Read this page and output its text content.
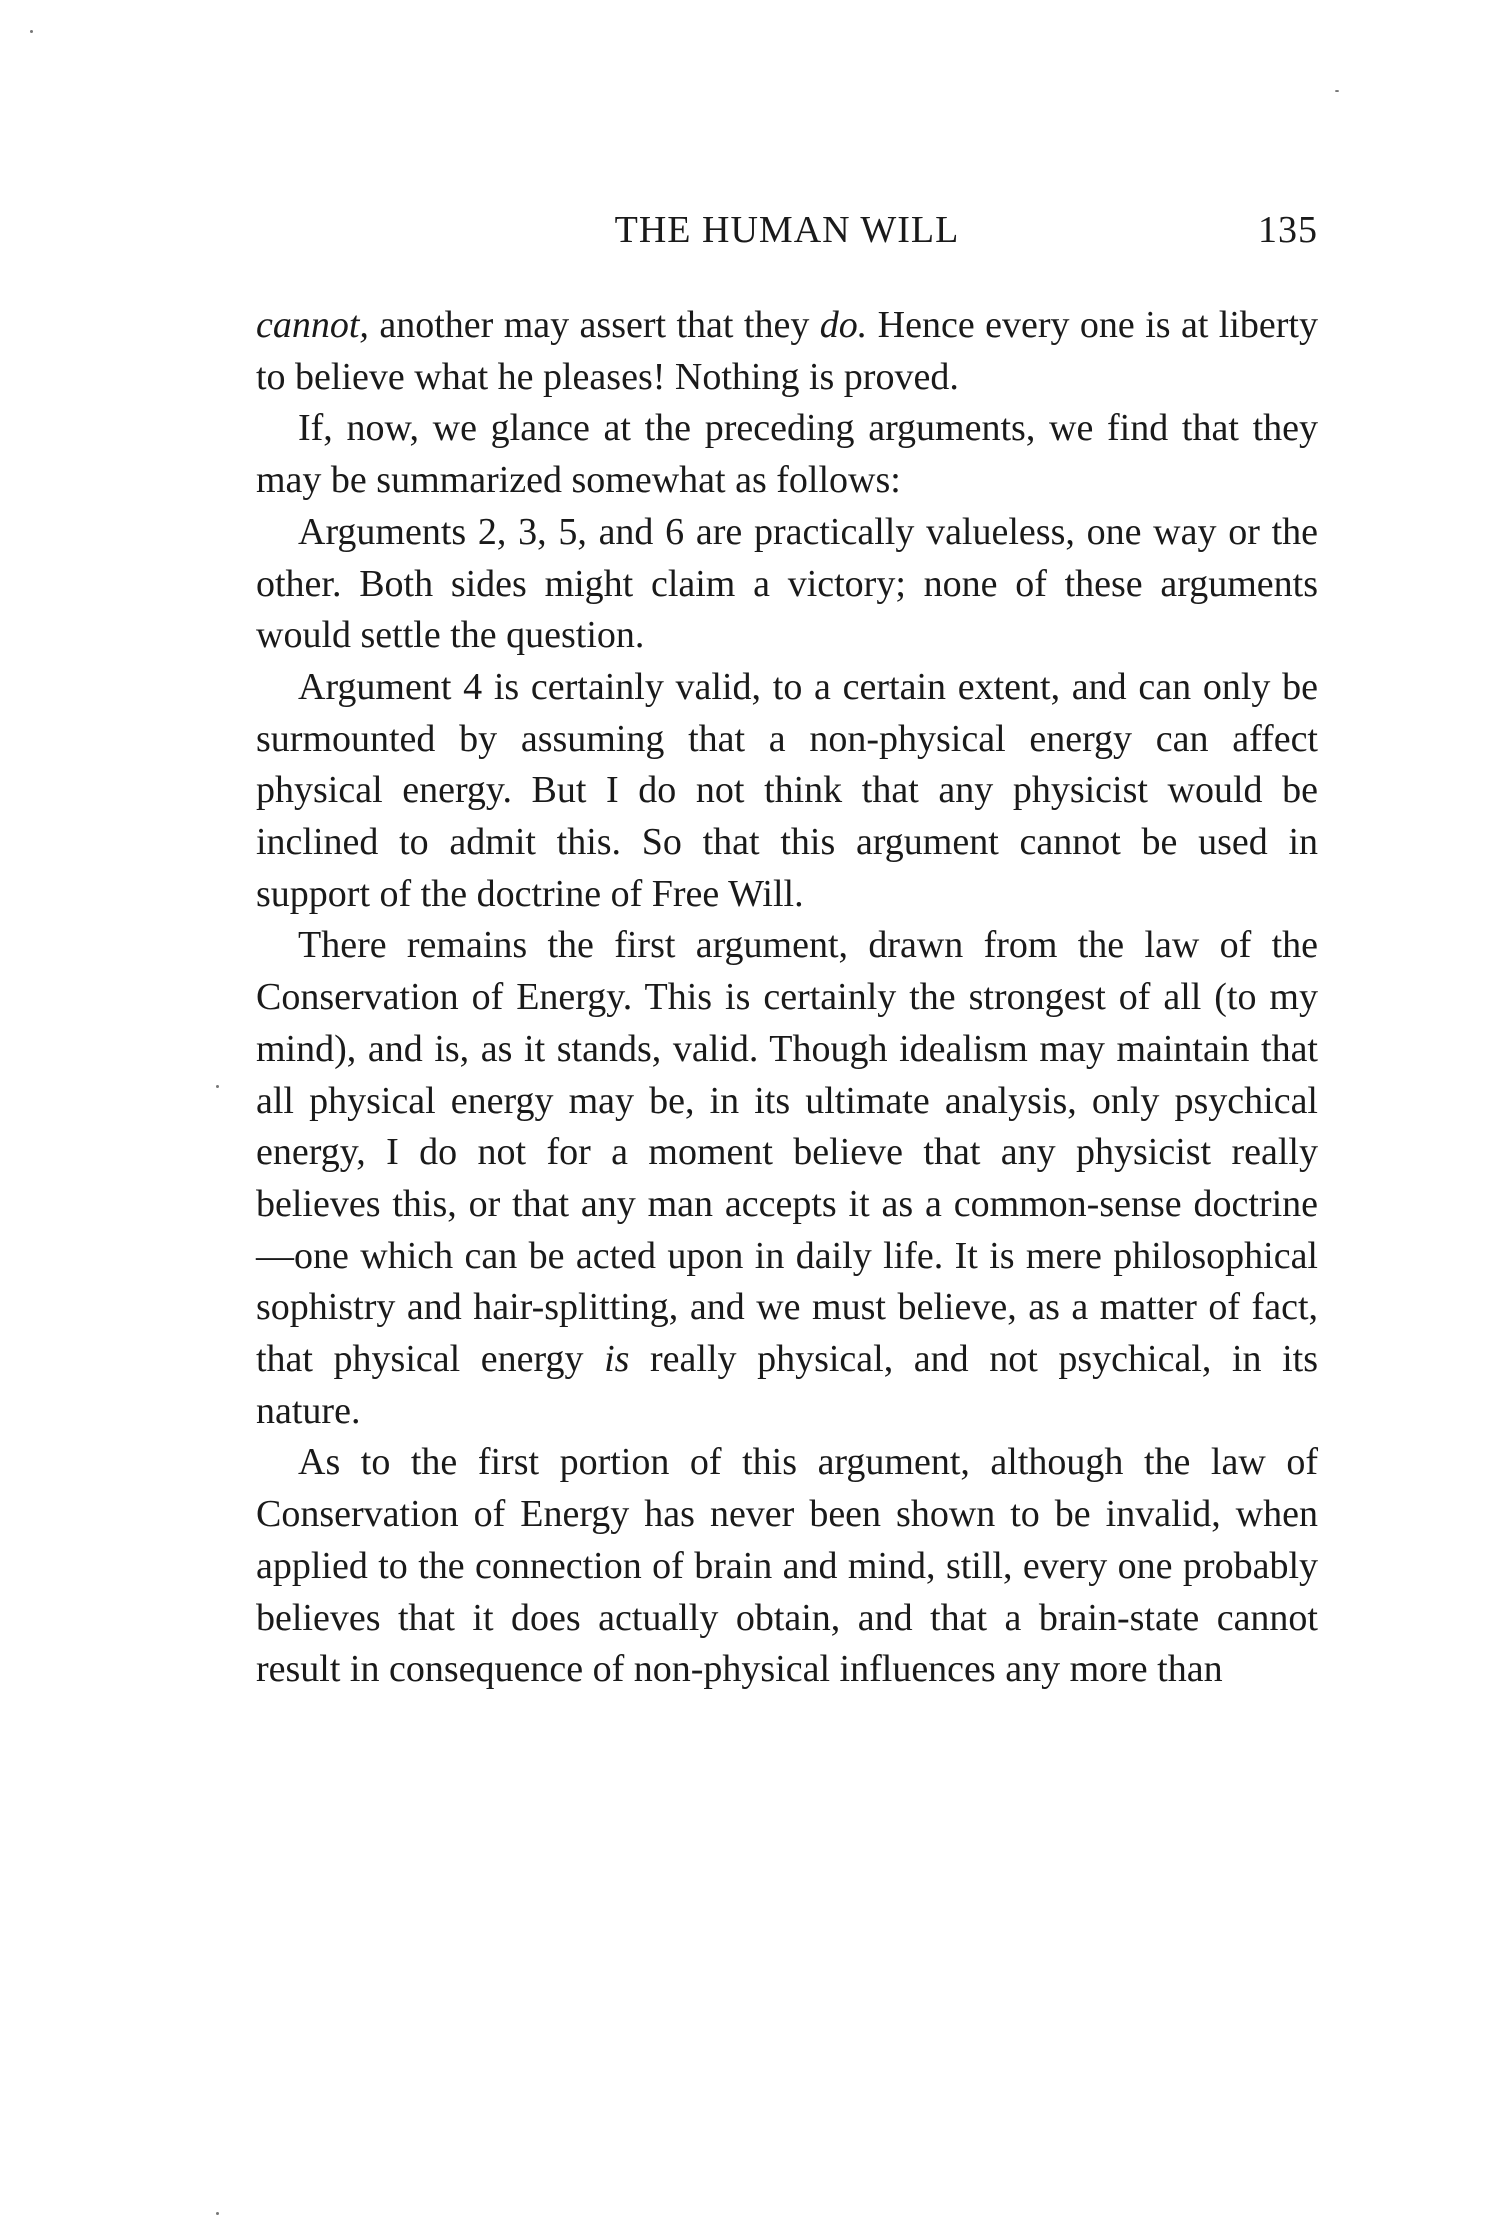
THE HUMAN WILL	135

cannot, another may assert that they do. Hence every one is at liberty to believe what he pleases! Nothing is proved.

If, now, we glance at the preceding arguments, we find that they may be summarized somewhat as follows:

Arguments 2, 3, 5, and 6 are practically valueless, one way or the other. Both sides might claim a victory; none of these arguments would settle the question.

Argument 4 is certainly valid, to a certain extent, and can only be surmounted by assuming that a non-physical energy can affect physical energy. But I do not think that any physicist would be inclined to admit this. So that this argument cannot be used in support of the doctrine of Free Will.

There remains the first argument, drawn from the law of the Conservation of Energy. This is certainly the strongest of all (to my mind), and is, as it stands, valid. Though idealism may maintain that all physical energy may be, in its ultimate analysis, only psychical energy, I do not for a moment believe that any physicist really believes this, or that any man accepts it as a common-sense doctrine—one which can be acted upon in daily life. It is mere philosophical sophistry and hair-splitting, and we must believe, as a matter of fact, that physical energy is really physical, and not psychical, in its nature.

As to the first portion of this argument, although the law of Conservation of Energy has never been shown to be invalid, when applied to the connection of brain and mind, still, every one probably believes that it does actually obtain, and that a brain-state cannot result in consequence of non-physical influences any more than
